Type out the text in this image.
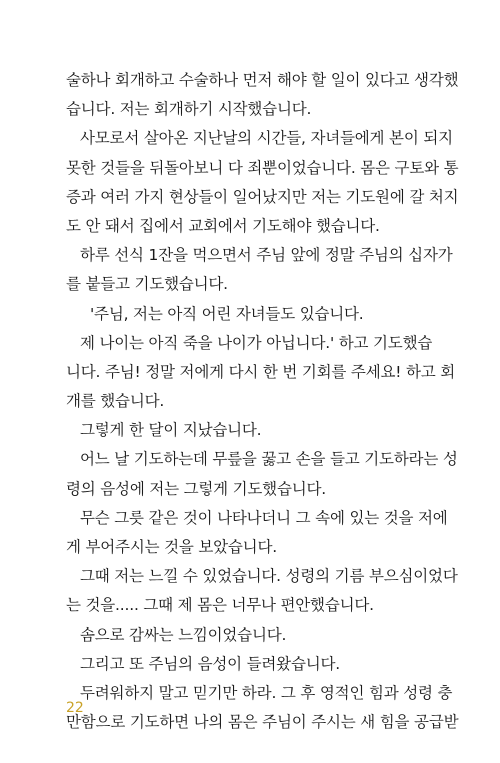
술하나 회개하고 수술하나 먼저 해야 할 일이 있다고 생각했
습니다. 저는 회개하기 시작했습니다.
사모로서 살아온 지난날의 시간들, 자녀들에게 본이 되지
못한 것들을 뒤돌아보니 다 죄뿐이었습니다. 몸은 구토와 통
증과 여러 가지 현상들이 일어났지만 저는 기도원에 갈 처지
도 안 돼서 집에서 교회에서 기도해야 했습니다.
하루 선식 1잔을 먹으면서 주님 앞에 정말 주님의 십자가
를 붙들고 기도했습니다.
'주님, 저는 아직 어린 자녀들도 있습니다.
제 나이는 아직 죽을 나이가 아닙니다.' 하고 기도했습
니다. 주님! 정말 저에게 다시 한 번 기회를 주세요! 하고 회
개를 했습니다.
그렇게 한 달이 지났습니다.
어느 날 기도하는데 무릎을 꿇고 손을 들고 기도하라는 성
령의 음성에 저는 그렇게 기도했습니다.
무슨 그릇 같은 것이 나타나더니 그 속에 있는 것을 저에
게 부어주시는 것을 보았습니다.
그때 저는 느낄 수 있었습니다. 성령의 기름 부으심이었다
는 것을..... 그때 제 몸은 너무나 편안했습니다.
솜으로 감싸는 느낌이었습니다.
그리고 또 주님의 음성이 들려왔습니다.
두려워하지 말고 믿기만 하라. 그 후 영적인 힘과 성령 충
만함으로 기도하면 나의 몸은 주님이 주시는 새 힘을 공급받
22
